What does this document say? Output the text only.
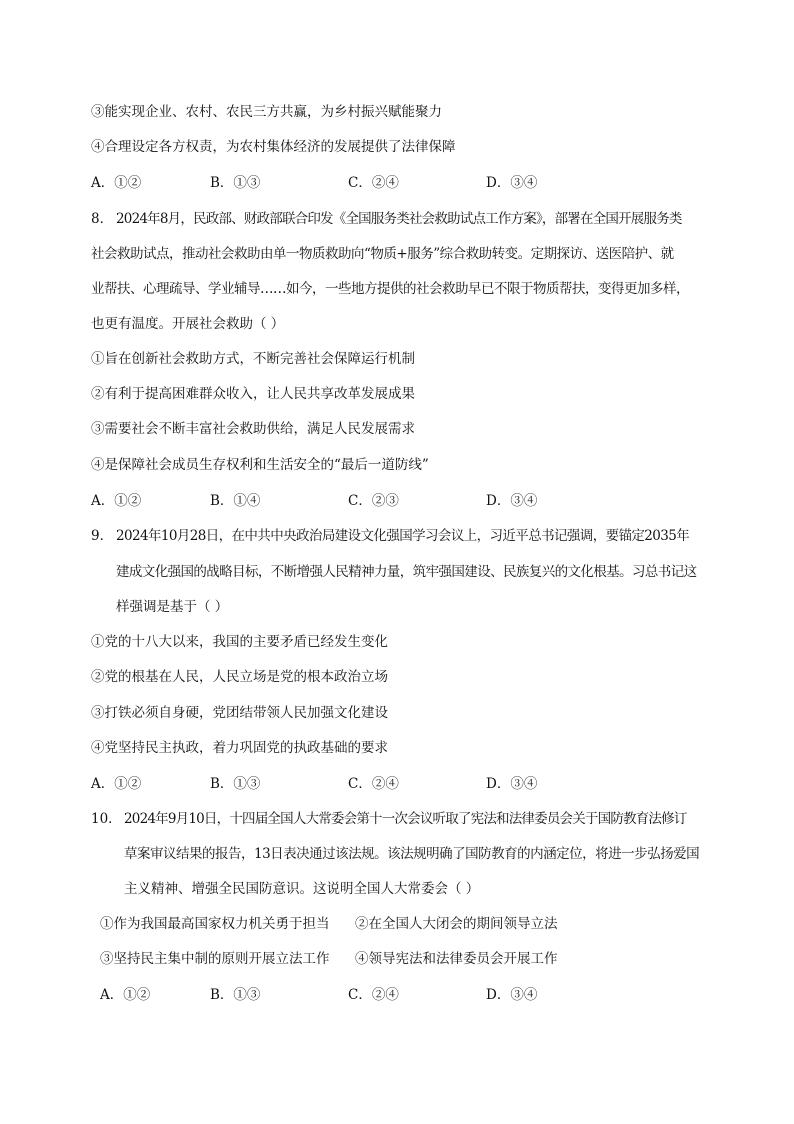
③能实现企业、农村、农民三方共赢，为乡村振兴赋能聚力
④合理设定各方权责，为农村集体经济的发展提供了法律保障
A．①②	B．①③	C．②④	D．③④
8． 2024年8月，民政部、财政部联合印发《全国服务类社会救助试点工作方案》，部署在全国开展服务类
社会救助试点，推动社会救助由单一物质救助向“物质+服务”综合救助转变。定期探访、送医陪护、就
业帮扶、心理疏导、学业辅导……如今，一些地方提供的社会救助早已不限于物质帮扶，变得更加多样，
也更有温度。开展社会救助（ ）
①旨在创新社会救助方式，不断完善社会保障运行机制
②有利于提高困难群众收入，让人民共享改革发展成果
③需要社会不断丰富社会救助供给，满足人民发展需求
④是保障社会成员生存权利和生活安全的“最后一道防线”
A．①②	B．①④	C．②③	D．③④
9． 2024年10月28日，在中共中央政治局建设文化强国学习会议上，习近平总书记强调，要锚定2035年
建成文化强国的战略目标，不断增强人民精神力量，筑牢强国建设、民族复兴的文化根基。习总书记这
样强调是基于（ ）
①党的十八大以来，我国的主要矛盾已经发生变化
②党的根基在人民，人民立场是党的根本政治立场
③打铁必须自身硬，党团结带领人民加强文化建设
④党坚持民主执政，着力巩固党的执政基础的要求
A．①②	B．①③	C．②④	D．③④
10． 2024年9月10日，十四届全国人大常委会第十一次会议听取了宪法和法律委员会关于国防教育法修订
草案审议结果的报告，13日表决通过该法规。该法规明确了国防教育的内涵定位，将进一步弘扬爱国
主义精神、增强全民国防意识。这说明全国人大常委会（ ）
①作为我国最高国家权力机关勇于担当 ②在全国人大闭会的期间领导立法
③坚持民主集中制的原则开展立法工作 ④领导宪法和法律委员会开展工作
A．①②	B．①③	C．②④	D．③④
